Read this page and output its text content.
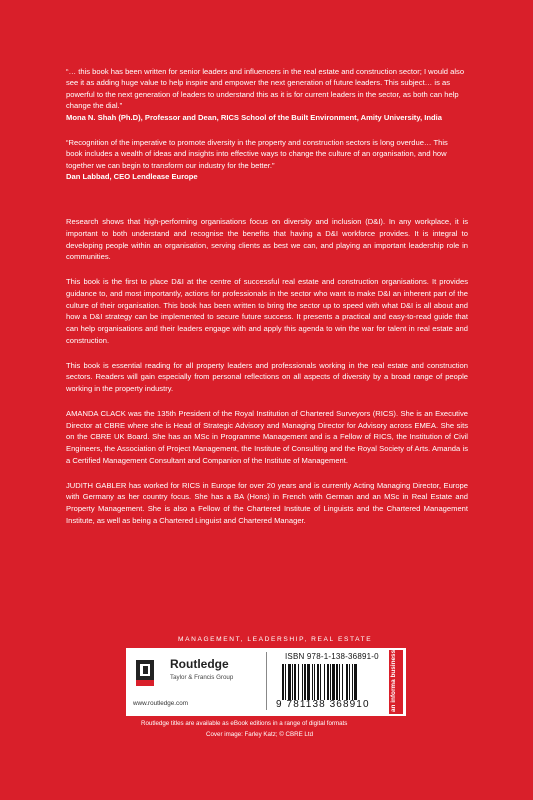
“… this book has been written for senior leaders and influencers in the real estate and construction sector; I would also see it as adding huge value to help inspire and empower the next generation of future leaders. This subject… is as powerful to the next generation of leaders to understand this as it is for current leaders in the sector, as both can help change the dial.”

Mona N. Shah (Ph.D), Professor and Dean, RICS School of the Built Environment, Amity University, India

“Recognition of the imperative to promote diversity in the property and construction sectors is long overdue… This book includes a wealth of ideas and insights into effective ways to change the culture of an organisation, and how together we can begin to transform our industry for the better.”

Dan Labbad, CEO Lendlease Europe

Research shows that high-performing organisations focus on diversity and inclusion (D&I). In any workplace, it is important to both understand and recognise the benefits that having a D&I workforce provides. It is integral to developing people within an organisation, serving clients as best we can, and playing an important leadership role in communities.

This book is the first to place D&I at the centre of successful real estate and construction organisations. It provides guidance to, and most importantly, actions for professionals in the sector who want to make D&I an inherent part of the culture of their organisation. This book has been written to bring the sector up to speed with what D&I is all about and how a D&I strategy can be implemented to secure future success. It presents a practical and easy-to-read guide that can help organisations and their leaders engage with and apply this agenda to win the war for talent in real estate and construction.

This book is essential reading for all property leaders and professionals working in the real estate and construction sectors. Readers will gain especially from personal reflections on all aspects of diversity by a broad range of people working in the property industry.

AMANDA CLACK was the 135th President of the Royal Institution of Chartered Surveyors (RICS). She is an Executive Director at CBRE where she is Head of Strategic Advisory and Managing Director for Advisory across EMEA. She sits on the CBRE UK Board. She has an MSc in Programme Management and is a Fellow of RICS, the Institution of Civil Engineers, the Association of Project Management, the Institute of Consulting and the Royal Society of Arts. Amanda is a Certified Management Consultant and Companion of the Institute of Management.

JUDITH GABLER has worked for RICS in Europe for over 20 years and is currently Acting Managing Director, Europe with Germany as her country focus. She has a BA (Hons) in French with German and an MSc in Real Estate and Property Management. She is also a Fellow of the Chartered Institute of Linguists and the Chartered Management Institute, as well as being a Chartered Linguist and Chartered Manager.

MANAGEMENT, LEADERSHIP, REAL ESTATE
Routledge
Taylor & Francis Group
www.routledge.com
ISBN 978-1-138-36891-0
9 781138 368910	an informa business
Routledge titles are available as eBook editions in a range of digital formats
Cover image: Farley Katz; © CBRE Ltd
